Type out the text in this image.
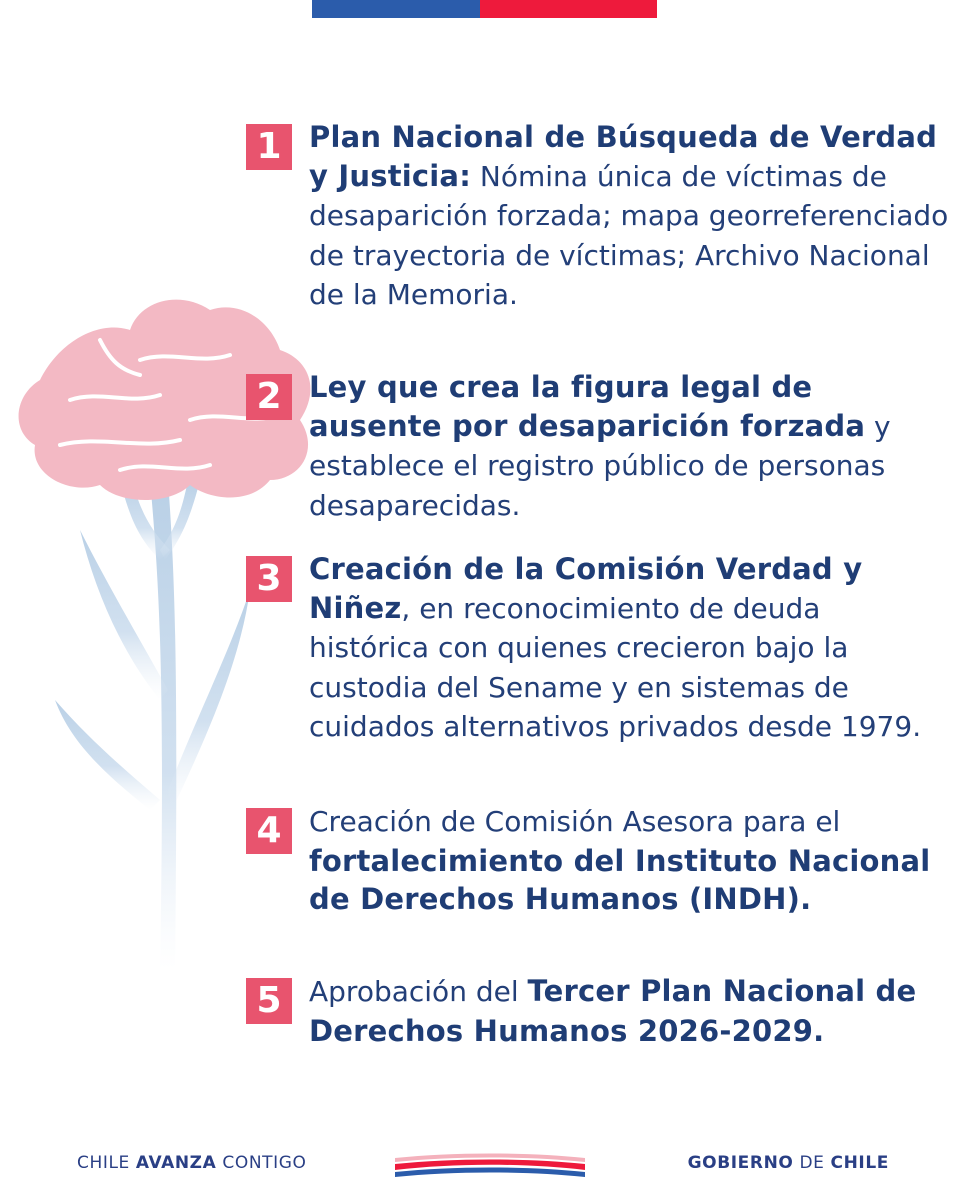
1 Plan Nacional de Búsqueda de Verdad y Justicia: Nómina única de víctimas de desaparición forzada; mapa georreferenciado de trayectoria de víctimas; Archivo Nacional de la Memoria.
2 Ley que crea la figura legal de ausente por desaparición forzada y establece el registro público de personas desaparecidas.
3 Creación de la Comisión Verdad y Niñez, en reconocimiento de deuda histórica con quienes crecieron bajo la custodia del Sename y en sistemas de cuidados alternativos privados desde 1979.
4 Creación de Comisión Asesora para el fortalecimiento del Instituto Nacional de Derechos Humanos (INDH).
5 Aprobación del Tercer Plan Nacional de Derechos Humanos 2026-2029.
CHILE AVANZA CONTIGO	GOBIERNO DE CHILE
